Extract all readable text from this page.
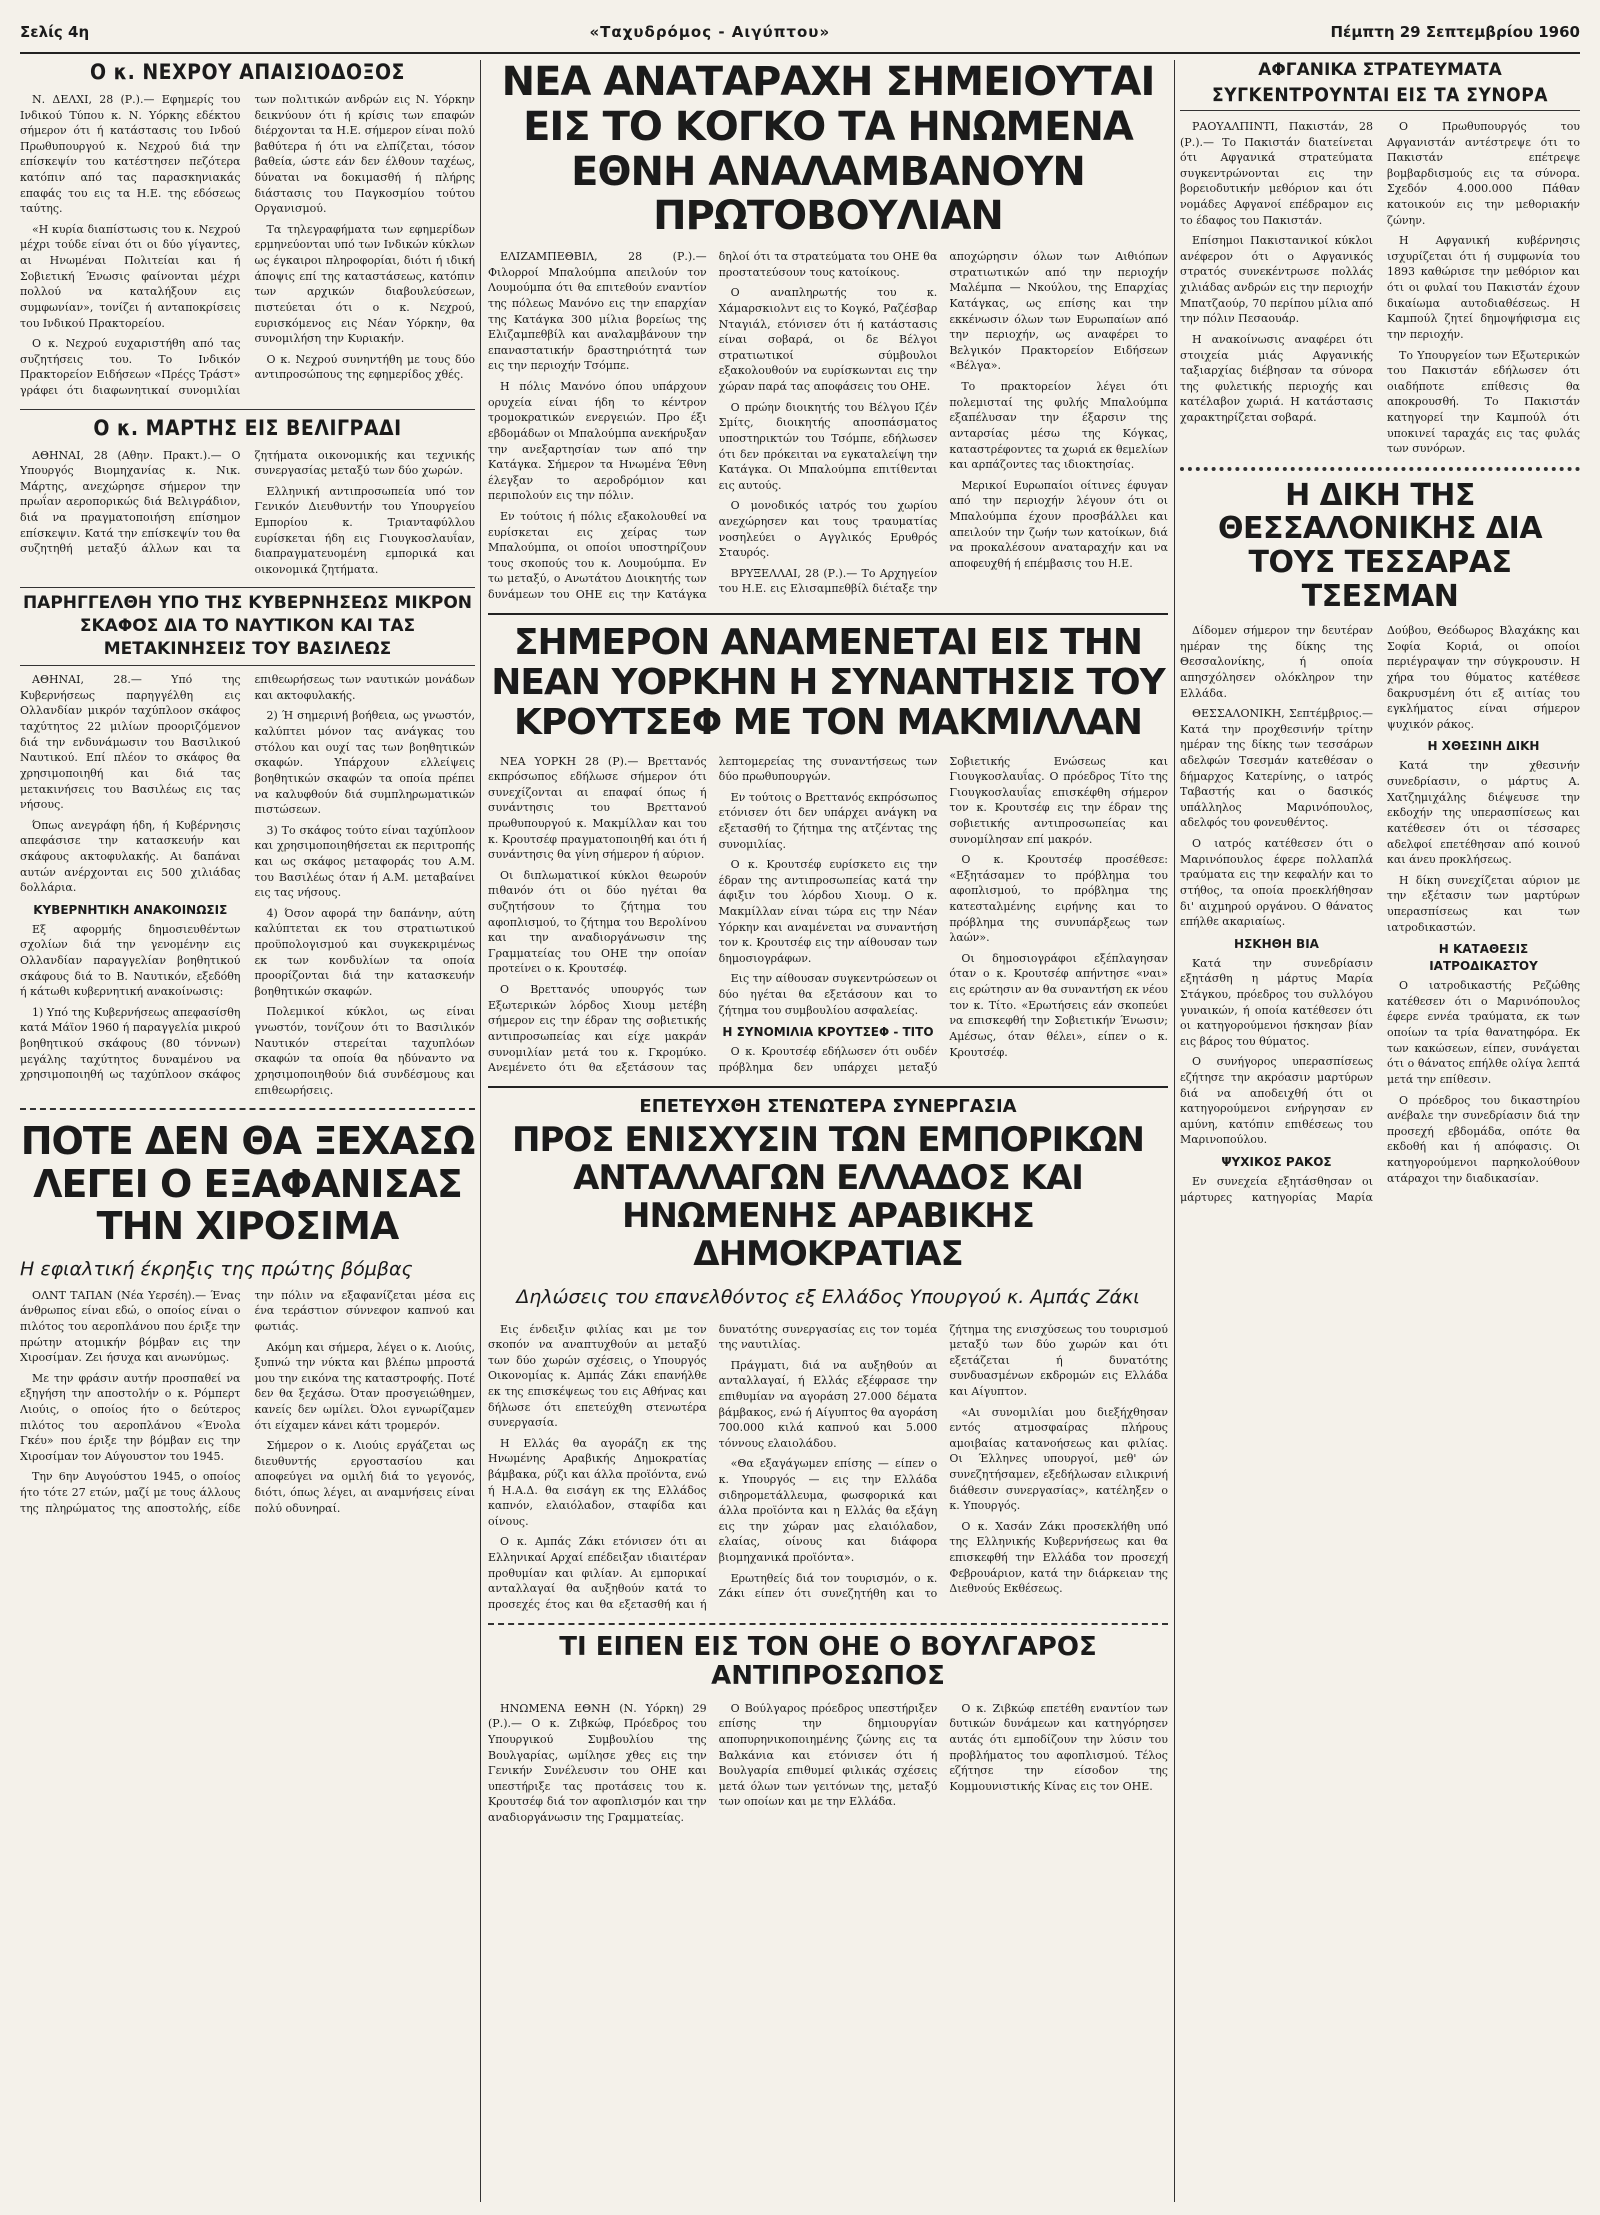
Σελίς 4η	«Ταχυδρόμος - Αιγύπτου»	Πέμπτη 29 Σεπτεμβρίου 1960
Ο κ. ΝΕΧΡΟΥ ΑΠΑΙΣΙΟΔΟΞΟΣ

Ν. ΔΕΛΧΙ, 28 (Ρ.).— Εφημερίς του Ινδικού Τύπου κ. Ν. Υόρκης εδέκτου σήμερον ότι ή κατάστασις του Ινδού Πρωθυπουργού κ. Νεχρού διά την επίσκεψίν του κατέστησεν πεζότερα κατόπιν από τας παρασκηνιακάς επαφάς του εις τα Η.Ε. της εδόσεως ταύτης.

«Η κυρία διαπίστωσις του κ. Νεχρού μέχρι τούδε είναι ότι οι δύο γίγαντες, αι Ηνωμέναι Πολιτείαι και ή Σοβιετική Ένωσις φαίνονται μέχρι πολλού να καταλήξουν εις συμφωνίαν», τονίζει ή ανταποκρίσεις του Ινδικού Πρακτορείου.

Ο κ. Νεχρού ευχαριστήθη από τας συζητήσεις του. Το Ινδικόν Πρακτορείον Ειδήσεων «Πρέςς Τράστ» γράφει ότι διαφωνητικαί συνομιλίαι των πολιτικών ανδρών εις Ν. Υόρκην δεικνύουν ότι ή κρίσις των επαφών διέρχονται τα Η.Ε. σήμερον είναι πολύ βαθύτερα ή ότι να ελπίζεται, τόσον βαθεία, ώστε εάν δεν έλθουν ταχέως, δύναται να δοκιμασθή ή πλήρης διάστασις του Παγκοσμίου τούτου Οργανισμού.

Τα τηλεγραφήματα των εφημερίδων ερμηνεύονται υπό των Ινδικών κύκλων ως έγκαιροι πληροφορίαι, διότι ή ιδική άποψις επί της καταστάσεως, κατόπιν των αρχικών διαβουλεύσεων, πιστεύεται ότι ο κ. Νεχρού, ευρισκόμενος εις Νέαν Υόρκην, θα συνομιλήση την Κυριακήν.

Ο κ. Νεχρού συνηντήθη με τους δύο αντιπροσώπους της εφημερίδος χθές.

Ο κ. ΜΑΡΤΗΣ ΕΙΣ ΒΕΛΙΓΡΑΔΙ

ΑΘΗΝΑΙ, 28 (Αθην. Πρακτ.).— Ο Υπουργός Βιομηχανίας κ. Νικ. Μάρτης, ανεχώρησε σήμερον την πρωΐαν αεροπορικώς διά Βελιγράδιον, διά να πραγματοποιήση επίσημον επίσκεψιν. Κατά την επίσκεψίν του θα συζητηθή μεταξύ άλλων και τα ζητήματα οικονομικής και τεχνικής συνεργασίας μεταξύ των δύο χωρών.

Ελληνική αντιπροσωπεία υπό τον Γενικόν Διευθυντήν του Υπουργείου Εμπορίου κ. Τριανταφύλλου ευρίσκεται ήδη εις Γιουγκοσλαυΐαν, διαπραγματευομένη εμπορικά και οικονομικά ζητήματα.

ΠΑΡΗΓΓΕΛΘΗ ΥΠΟ ΤΗΣ ΚΥΒΕΡΝΗΣΕΩΣ ΜΙΚΡΟΝ ΣΚΑΦΟΣ ΔΙΑ ΤΟ ΝΑΥΤΙΚΟΝ ΚΑΙ ΤΑΣ ΜΕΤΑΚΙΝΗΣΕΙΣ ΤΟΥ ΒΑΣΙΛΕΩΣ

ΑΘΗΝΑΙ, 28.— Υπό της Κυβερνήσεως παρηγγέλθη εις Ολλανδίαν μικρόν ταχύπλοον σκάφος ταχύτητος 22 μιλίων προοριζόμενον διά την ενδυνάμωσιν του Βασιλικού Ναυτικού. Επί πλέον το σκάφος θα χρησιμοποιηθή και διά τας μετακινήσεις του Βασιλέως εις τας νήσους.

Όπως ανεγράφη ήδη, ή Κυβέρνησις απεφάσισε την κατασκευήν και σκάφους ακτοφυλακής. Αι δαπάναι αυτών ανέρχονται εις 500 χιλιάδας δολλάρια.

ΚΥΒΕΡΝΗΤΙΚΗ ΑΝΑΚΟΙΝΩΣΙΣ

Εξ αφορμής δημοσιευθέντων σχολίων διά την γενομένην εις Ολλανδίαν παραγγελίαν βοηθητικού σκάφους διά το Β. Ναυτικόν, εξεδόθη ή κάτωθι κυβερνητική ανακοίνωσις:

1) Υπό της Κυβερνήσεως απεφασίσθη κατά Μάϊον 1960 ή παραγγελία μικρού βοηθητικού σκάφους (80 τόννων) μεγάλης ταχύτητος δυναμένου να χρησιμοποιηθή ως ταχύπλοον σκάφος επιθεωρήσεως των ναυτικών μονάδων και ακτοφυλακής.

2) Ή σημερινή βοήθεια, ως γνωστόν, καλύπτει μόνον τας ανάγκας του στόλου και ουχί τας των βοηθητικών σκαφών. Υπάρχουν ελλείψεις βοηθητικών σκαφών τα οποία πρέπει να καλυφθούν διά συμπληρωματικών πιστώσεων.

3) Το σκάφος τούτο είναι ταχύπλοον και χρησιμοποιηθήσεται εκ περιτροπής και ως σκάφος μεταφοράς του Α.Μ. του Βασιλέως όταν ή Α.Μ. μεταβαίνει εις τας νήσους.

4) Όσον αφορά την δαπάνην, αύτη καλύπτεται εκ του στρατιωτικού προϋπολογισμού και συγκεκριμένως εκ των κονδυλίων τα οποία προορίζονται διά την κατασκευήν βοηθητικών σκαφών.

Πολεμικοί κύκλοι, ως είναι γνωστόν, τονίζουν ότι το Βασιλικόν Ναυτικόν στερείται ταχυπλόων σκαφών τα οποία θα ηδύναντο να χρησιμοποιηθούν διά συνδέσμους και επιθεωρήσεις.

ΠΟΤΕ ΔΕΝ ΘΑ ΞΕΧΑΣΩ ΛΕΓΕΙ Ο ΕΞΑΦΑΝΙΣΑΣ ΤΗΝ ΧΙΡΟΣΙΜΑ
Η εφιαλτική έκρηξις της πρώτης βόμβας

ΟΛΝΤ ΤΑΠΑΝ (Νέα Υερσέη).— Ένας άνθρωπος είναι εδώ, ο οποίος είναι ο πιλότος του αεροπλάνου που έριξε την πρώτην ατομικήν βόμβαν εις την Χιροσίμαν. Ζει ήσυχα και ανωνύμως.

Με την φράσιν αυτήν προσπαθεί να εξηγήση την αποστολήν ο κ. Ρόμπερτ Λιούις, ο οποίος ήτο ο δεύτερος πιλότος του αεροπλάνου «Ένολα Γκέυ» που έριξε την βόμβαν εις την Χιροσίμαν τον Αύγουστον του 1945.

Την 6ην Αυγούστου 1945, ο οποίος ήτο τότε 27 ετών, μαζί με τους άλλους της πληρώματος της αποστολής, είδε την πόλιν να εξαφανίζεται μέσα εις ένα τεράστιον σύννεφον καπνού και φωτιάς.

Ακόμη και σήμερα, λέγει ο κ. Λιούις, ξυπνώ την νύκτα και βλέπω μπροστά μου την εικόνα της καταστροφής. Ποτέ δεν θα ξεχάσω. Όταν προσγειώθημεν, κανείς δεν ωμίλει. Όλοι εγνωρίζαμεν ότι είχαμεν κάνει κάτι τρομερόν.

Σήμερον ο κ. Λιούις εργάζεται ως διευθυντής εργοστασίου και αποφεύγει να ομιλή διά το γεγονός, διότι, όπως λέγει, αι αναμνήσεις είναι πολύ οδυνηραί.

ΝΕΑ ΑΝΑΤΑΡΑΧΗ ΣΗΜΕΙΟΥΤΑΙ ΕΙΣ ΤΟ ΚΟΓΚΟ ΤΑ ΗΝΩΜΕΝΑ ΕΘΝΗ ΑΝΑΛΑΜΒΑΝΟΥΝ ΠΡΩΤΟΒΟΥΛΙΑΝ

ΕΛΙΖΑΜΠΕΘΒΙΛ, 28 (Ρ.).— Φιλορροί Μπαλούμπα απειλούν τον Λουμούμπα ότι θα επιτεθούν εναντίον της πόλεως Μανόνο εις την επαρχίαν της Κατάγκα 300 μίλια βορείως της Ελιζαμπεθβίλ και αναλαμβάνουν την επαναστατικήν δραστηριότητά των εις την περιοχήν Τσόμπε.

Η πόλις Μανόνο όπου υπάρχουν ορυχεία είναι ήδη το κέντρον τρομοκρατικών ενεργειών. Προ έξι εβδομάδων οι Μπαλούμπα ανεκήρυξαν την ανεξαρτησίαν των από την Κατάγκα. Σήμερον τα Ηνωμένα Έθνη έλεγξαν το αεροδρόμιον και περιπολούν εις την πόλιν.

Εν τούτοις ή πόλις εξακολουθεί να ευρίσκεται εις χείρας των Μπαλούμπα, οι οποίοι υποστηρίζουν τους σκοπούς του κ. Λουμούμπα. Εν τω μεταξύ, ο Ανωτάτου Διοικητής των δυνάμεων του ΟΗΕ εις την Κατάγκα δηλοί ότι τα στρατεύματα του ΟΗΕ θα προστατεύσουν τους κατοίκους.

Ο αναπληρωτής του κ. Χάμαρσκιολντ εις το Κογκό, Ραζέσβαρ Νταγιάλ, ετόνισεν ότι ή κατάστασις είναι σοβαρά, οι δε Βέλγοι στρατιωτικοί σύμβουλοι εξακολουθούν να ευρίσκωνται εις την χώραν παρά τας αποφάσεις του ΟΗΕ.

Ο πρώην διοικητής του Βέλγου Ιζέν Σμίτς, διοικητής αποσπάσματος υποστηρικτών του Τσόμπε, εδήλωσεν ότι δεν πρόκειται να εγκαταλείψη την Κατάγκα. Οι Μπαλούμπα επιτίθενται εις αυτούς.

Ο μονοδικός ιατρός του χωρίου ανεχώρησεν και τους τραυματίας νοσηλεύει ο Αγγλικός Ερυθρός Σταυρός.

ΒΡΥΞΕΛΛΑΙ, 28 (Ρ.).— Το Αρχηγείον του Η.Ε. εις Ελισαμπεθβίλ διέταξε την αποχώρησιν όλων των Αιθιόπων στρατιωτικών από την περιοχήν Μαλέμπα — Νκούλου, της Επαρχίας Κατάγκας, ως επίσης και την εκκένωσιν όλων των Ευρωπαίων από την περιοχήν, ως αναφέρει το Βελγικόν Πρακτορείον Ειδήσεων «Βέλγα».

Το πρακτορείον λέγει ότι πολεμισταί της φυλής Μπαλούμπα εξαπέλυσαν την έξαρσιν της ανταρσίας μέσω της Κόγκας, καταστρέφοντες τα χωριά εκ θεμελίων και αρπάζοντες τας ιδιοκτησίας.

Μερικοί Ευρωπαίοι οίτινες έφυγαν από την περιοχήν λέγουν ότι οι Μπαλούμπα έχουν προσβάλλει και απειλούν την ζωήν των κατοίκων, διά να προκαλέσουν αναταραχήν και να αποφευχθή ή επέμβασις του Η.Ε.

ΣΗΜΕΡΟΝ ΑΝΑΜΕΝΕΤΑΙ ΕΙΣ ΤΗΝ ΝΕΑΝ ΥΟΡΚΗΝ Η ΣΥΝΑΝΤΗΣΙΣ ΤΟΥ ΚΡΟΥΤΣΕΦ ΜΕ ΤΟΝ ΜΑΚΜΙΛΛΑΝ

ΝΕΑ ΥΟΡΚΗ 28 (Ρ).— Βρεττανός εκπρόσωπος εδήλωσε σήμερον ότι συνεχίζονται αι επαφαί όπως ή συνάντησις του Βρεττανού πρωθυπουργού κ. Μακμίλλαν και του κ. Κρουτσέφ πραγματοποιηθή και ότι ή συνάντησις θα γίνη σήμερον ή αύριον.

Οι διπλωματικοί κύκλοι θεωρούν πιθανόν ότι οι δύο ηγέται θα συζητήσουν το ζήτημα του αφοπλισμού, το ζήτημα του Βερολίνου και την αναδιοργάνωσιν της Γραμματείας του ΟΗΕ την οποίαν προτείνει ο κ. Κρουτσέφ.

Ο Βρεττανός υπουργός των Εξωτερικών λόρδος Χιουμ μετέβη σήμερον εις την έδραν της σοβιετικής αντιπροσωπείας και είχε μακράν συνομιλίαν μετά του κ. Γκρομύκο. Ανεμένετο ότι θα εξετάσουν τας λεπτομερείας της συναντήσεως των δύο πρωθυπουργών.

Εν τούτοις ο Βρεττανός εκπρόσωπος ετόνισεν ότι δεν υπάρχει ανάγκη να εξετασθή το ζήτημα της ατζέντας της συνομιλίας.

Ο κ. Κρουτσέφ ευρίσκετο εις την έδραν της αντιπροσωπείας κατά την άφιξιν του λόρδου Χιουμ. Ο κ. Μακμίλλαν είναι τώρα εις την Νέαν Υόρκην και αναμένεται να συναντήση τον κ. Κρουτσέφ εις την αίθουσαν των δημοσιογράφων.

Εις την αίθουσαν συγκεντρώσεων οι δύο ηγέται θα εξετάσουν και το ζήτημα του συμβουλίου ασφαλείας.

Η ΣΥΝΟΜΙΛΙΑ ΚΡΟΥΤΣΕΦ - ΤΙΤΟ

Ο κ. Κρουτσέφ εδήλωσεν ότι ουδέν πρόβλημα δεν υπάρχει μεταξύ Σοβιετικής Ενώσεως και Γιουγκοσλαυΐας. Ο πρόεδρος Τίτο της Γιουγκοσλαυΐας επισκέφθη σήμερον τον κ. Κρουτσέφ εις την έδραν της σοβιετικής αντιπροσωπείας και συνομίλησαν επί μακρόν.

Ο κ. Κρουτσέφ προσέθεσε: «Εξητάσαμεν το πρόβλημα του αφοπλισμού, το πρόβλημα της κατεσταλμένης ειρήνης και το πρόβλημα της συνυπάρξεως των λαών».

Οι δημοσιογράφοι εξέπλαγησαν όταν ο κ. Κρουτσέφ απήντησε «ναι» εις ερώτησιν αν θα συναντήση εκ νέου τον κ. Τίτο. «Ερωτήσεις εάν σκοπεύει να επισκεφθή την Σοβιετικήν Ένωσιν; Αμέσως, όταν θέλει», είπεν ο κ. Κρουτσέφ.

ΕΠΕΤΕΥΧΘΗ ΣΤΕΝΩΤΕΡΑ ΣΥΝΕΡΓΑΣΙΑ
ΠΡΟΣ ΕΝΙΣΧΥΣΙΝ ΤΩΝ ΕΜΠΟΡΙΚΩΝ ΑΝΤΑΛΛΑΓΩΝ ΕΛΛΑΔΟΣ ΚΑΙ ΗΝΩΜΕΝΗΣ ΑΡΑΒΙΚΗΣ ΔΗΜΟΚΡΑΤΙΑΣ
Δηλώσεις του επανελθόντος εξ Ελλάδος Υπουργού κ. Αμπάς Ζάκι

Εις ένδειξιν φιλίας και με τον σκοπόν να αναπτυχθούν αι μεταξύ των δύο χωρών σχέσεις, ο Υπουργός Οικονομίας κ. Αμπάς Ζάκι επανήλθε εκ της επισκέψεως του εις Αθήνας και δήλωσε ότι επετεύχθη στενωτέρα συνεργασία.

Η Ελλάς θα αγοράζη εκ της Ηνωμένης Αραβικής Δημοκρατίας βάμβακα, ρύζι και άλλα προϊόντα, ενώ ή Η.Α.Δ. θα εισάγη εκ της Ελλάδος καπνόν, ελαιόλαδον, σταφίδα και οίνους.

Ο κ. Αμπάς Ζάκι ετόνισεν ότι αι Ελληνικαί Αρχαί επέδειξαν ιδιαιτέραν προθυμίαν και φιλίαν. Αι εμπορικαί ανταλλαγαί θα αυξηθούν κατά το προσεχές έτος και θα εξετασθή και ή δυνατότης συνεργασίας εις τον τομέα της ναυτιλίας.

Πράγματι, διά να αυξηθούν αι ανταλλαγαί, ή Ελλάς εξέφρασε την επιθυμίαν να αγοράση 27.000 δέματα βάμβακος, ενώ ή Αίγυπτος θα αγοράση 700.000 κιλά καπνού και 5.000 τόννους ελαιολάδου.

«Θα εξαγάγωμεν επίσης — είπεν ο κ. Υπουργός — εις την Ελλάδα σιδηρομετάλλευμα, φωσφορικά και άλλα προϊόντα και η Ελλάς θα εξάγη εις την χώραν μας ελαιόλαδον, ελαίας, οίνους και διάφορα βιομηχανικά προϊόντα».

Ερωτηθείς διά τον τουρισμόν, ο κ. Ζάκι είπεν ότι συνεζητήθη και το ζήτημα της ενισχύσεως του τουρισμού μεταξύ των δύο χωρών και ότι εξετάζεται ή δυνατότης συνδυασμένων εκδρομών εις Ελλάδα και Αίγυπτον.

«Αι συνομιλίαι μου διεξήχθησαν εντός ατμοσφαίρας πλήρους αμοιβαίας κατανοήσεως και φιλίας. Οι Έλληνες υπουργοί, μεθ' ών συνεζητήσαμεν, εξεδήλωσαν ειλικρινή διάθεσιν συνεργασίας», κατέληξεν ο κ. Υπουργός.

Ο κ. Χασάν Ζάκι προσεκλήθη υπό της Ελληνικής Κυβερνήσεως και θα επισκεφθή την Ελλάδα τον προσεχή Φεβρουάριον, κατά την διάρκειαν της Διεθνούς Εκθέσεως.

ΤΙ ΕΙΠΕΝ ΕΙΣ ΤΟΝ ΟΗΕ Ο ΒΟΥΛΓΑΡΟΣ ΑΝΤΙΠΡΟΣΩΠΟΣ

ΗΝΩΜΕΝΑ ΕΘΝΗ (Ν. Υόρκη) 29 (Ρ.).— Ο κ. Ζιβκώφ, Πρόεδρος του Υπουργικού Συμβουλίου της Βουλγαρίας, ωμίλησε χθες εις την Γενικήν Συνέλευσιν του ΟΗΕ και υπεστήριξε τας προτάσεις του κ. Κρουτσέφ διά τον αφοπλισμόν και την αναδιοργάνωσιν της Γραμματείας.

Ο Βούλγαρος πρόεδρος υπεστήριξεν επίσης την δημιουργίαν αποπυρηνικοποιημένης ζώνης εις τα Βαλκάνια και ετόνισεν ότι ή Βουλγαρία επιθυμεί φιλικάς σχέσεις μετά όλων των γειτόνων της, μεταξύ των οποίων και με την Ελλάδα.

Ο κ. Ζιβκώφ επετέθη εναντίον των δυτικών δυνάμεων και κατηγόρησεν αυτάς ότι εμποδίζουν την λύσιν του προβλήματος του αφοπλισμού. Τέλος εζήτησε την είσοδον της Κομμουνιστικής Κίνας εις τον ΟΗΕ.

ΑΦΓΑΝΙΚΑ ΣΤΡΑΤΕΥΜΑΤΑ
ΣΥΓΚΕΝΤΡΟΥΝΤΑΙ ΕΙΣ ΤΑ ΣΥΝΟΡΑ

ΡΑΟΥΑΛΠΙΝΤΙ, Πακιστάν, 28 (Ρ.).— Το Πακιστάν διατείνεται ότι Αφγανικά στρατεύματα συγκεντρώνονται εις την βορειοδυτικήν μεθόριον και ότι νομάδες Αφγανοί επέδραμον εις το έδαφος του Πακιστάν.

Επίσημοι Πακιστανικοί κύκλοι ανέφερον ότι ο Αφγανικός στρατός συνεκέντρωσε πολλάς χιλιάδας ανδρών εις την περιοχήν Μπατζαούρ, 70 περίπου μίλια από την πόλιν Πεσαουάρ.

Η ανακοίνωσις αναφέρει ότι στοιχεία μιάς Αφγανικής ταξιαρχίας διέβησαν τα σύνορα της φυλετικής περιοχής και κατέλαβον χωριά. Η κατάστασις χαρακτηρίζεται σοβαρά.

Ο Πρωθυπουργός του Αφγανιστάν αντέστρεψε ότι το Πακιστάν επέτρεψε βομβαρδισμούς εις τα σύνορα. Σχεδόν 4.000.000 Πάθαν κατοικούν εις την μεθοριακήν ζώνην.

Η Αφγανική κυβέρνησις ισχυρίζεται ότι ή συμφωνία του 1893 καθώρισε την μεθόριον και ότι οι φυλαί του Πακιστάν έχουν δικαίωμα αυτοδιαθέσεως. Η Καμπούλ ζητεί δημοψήφισμα εις την περιοχήν.

Το Υπουργείον των Εξωτερικών του Πακιστάν εδήλωσεν ότι οιαδήποτε επίθεσις θα αποκρουσθή. Το Πακιστάν κατηγορεί την Καμπούλ ότι υποκινεί ταραχάς εις τας φυλάς των συνόρων.

Η ΔΙΚΗ ΤΗΣ ΘΕΣΣΑΛΟΝΙΚΗΣ ΔΙΑ ΤΟΥΣ ΤΕΣΣΑΡΑΣ ΤΣΕΣΜΑΝ

Δίδομεν σήμερον την δευτέραν ημέραν της δίκης της Θεσσαλονίκης, ή οποία απησχόλησεν ολόκληρον την Ελλάδα.

ΘΕΣΣΑΛΟΝΙΚΗ, Σεπτέμβριος.— Κατά την προχθεσινήν τρίτην ημέραν της δίκης των τεσσάρων αδελφών Τσεσμάν κατεθέσαν ο δήμαρχος Κατερίνης, ο ιατρός Ταβαστής και ο δασικός υπάλληλος Μαρινόπουλος, αδελφός του φονευθέντος.

Ο ιατρός κατέθεσεν ότι ο Μαρινόπουλος έφερε πολλαπλά τραύματα εις την κεφαλήν και το στήθος, τα οποία προεκλήθησαν δι' αιχμηρού οργάνου. Ο θάνατος επήλθε ακαριαίως.

ΗΣΚΗΘΗ ΒΙΑ

Κατά την συνεδρίασιν εξητάσθη η μάρτυς Μαρία Στάγκου, πρόεδρος του συλλόγου γυναικών, ή οποία κατέθεσεν ότι οι κατηγορούμενοι ήσκησαν βίαν εις βάρος του θύματος.

Ο συνήγορος υπερασπίσεως εζήτησε την ακρόασιν μαρτύρων διά να αποδειχθή ότι οι κατηγορούμενοι ενήργησαν εν αμύνη, κατόπιν επιθέσεως του Μαρινοπούλου.

ΨΥΧΙΚΟΣ ΡΑΚΟΣ

Εν συνεχεία εξητάσθησαν οι μάρτυρες κατηγορίας Μαρία Δούβου, Θεόδωρος Βλαχάκης και Σοφία Κοριά, οι οποίοι περιέγραψαν την σύγκρουσιν. Η χήρα του θύματος κατέθεσε δακρυσμένη ότι εξ αιτίας του εγκλήματος είναι σήμερον ψυχικόν ράκος.

Η ΧΘΕΣΙΝΗ ΔΙΚΗ

Κατά την χθεσινήν συνεδρίασιν, ο μάρτυς Α. Χατζημιχάλης διέψευσε την εκδοχήν της υπερασπίσεως και κατέθεσεν ότι οι τέσσαρες αδελφοί επετέθησαν από κοινού και άνευ προκλήσεως.

Η δίκη συνεχίζεται αύριον με την εξέτασιν των μαρτύρων υπερασπίσεως και των ιατροδικαστών.

Η ΚΑΤΑΘΕΣΙΣ ΙΑΤΡΟΔΙΚΑΣΤΟΥ

Ο ιατροδικαστής Ρεζώθης κατέθεσεν ότι ο Μαρινόπουλος έφερε εννέα τραύματα, εκ των οποίων τα τρία θανατηφόρα. Εκ των κακώσεων, είπεν, συνάγεται ότι ο θάνατος επήλθε ολίγα λεπτά μετά την επίθεσιν.

Ο πρόεδρος του δικαστηρίου ανέβαλε την συνεδρίασιν διά την προσεχή εβδομάδα, οπότε θα εκδοθή και ή απόφασις. Οι κατηγορούμενοι παρηκολούθουν ατάραχοι την διαδικασίαν.
